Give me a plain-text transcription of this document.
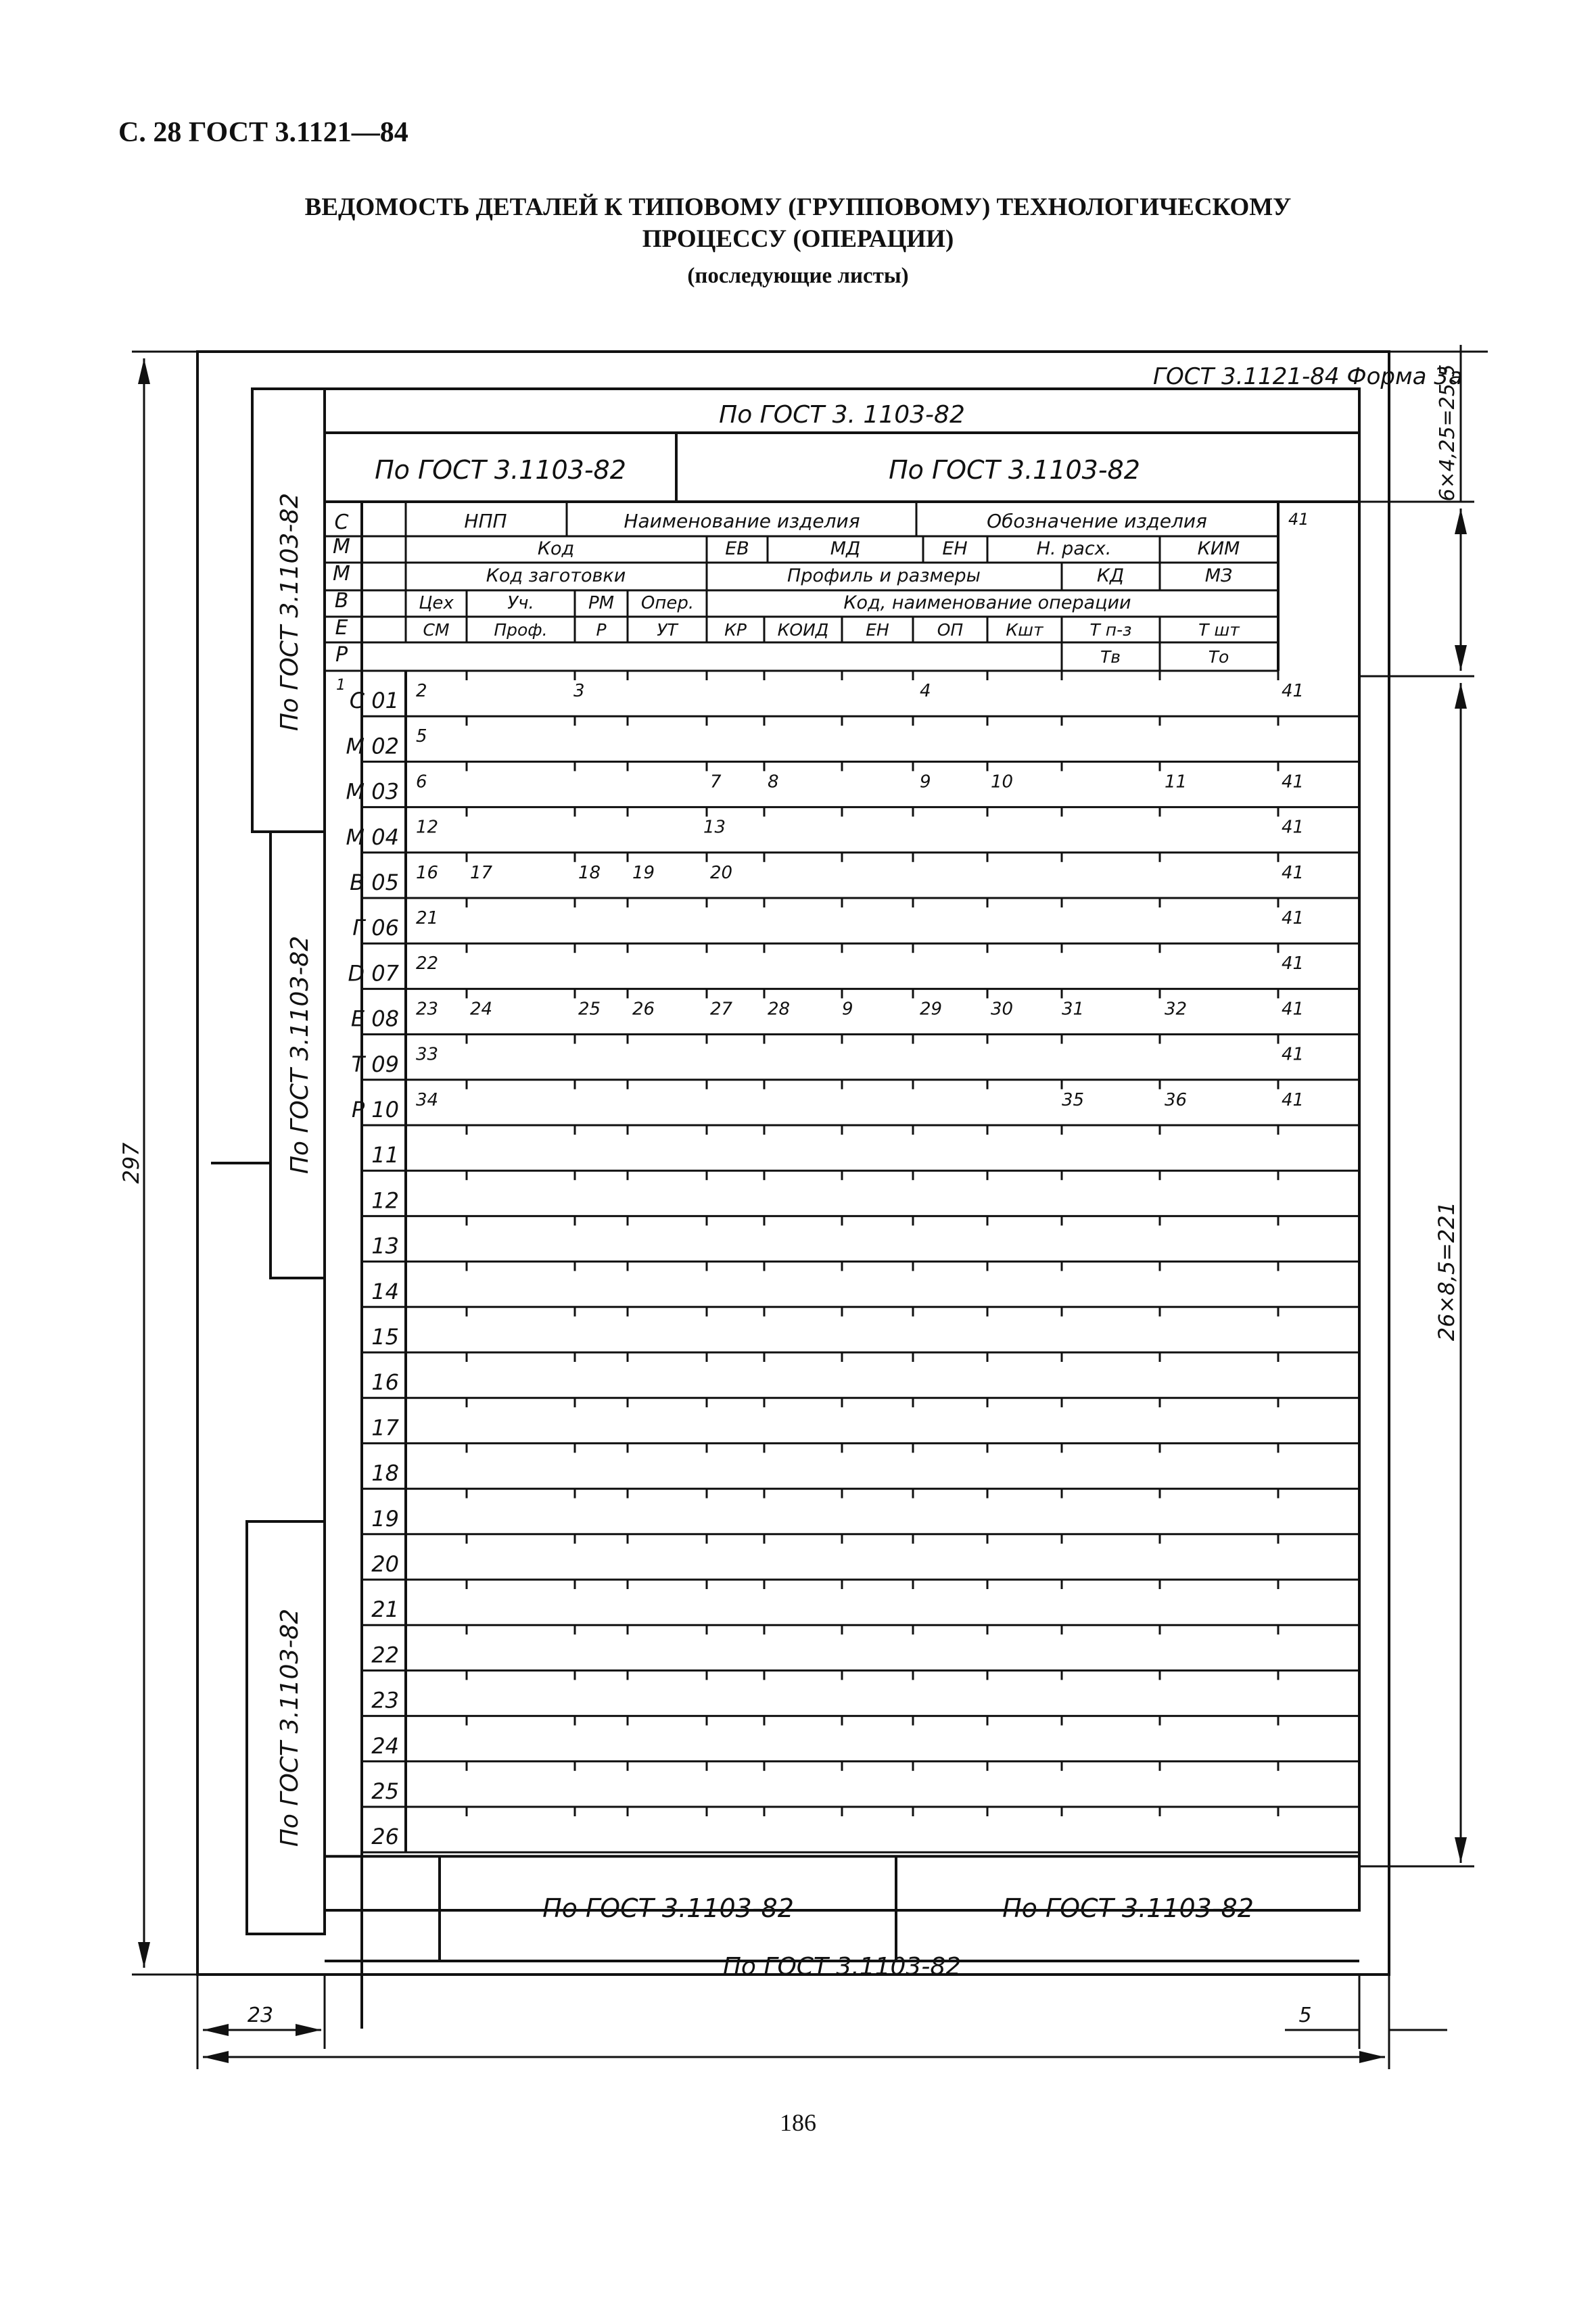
С. 28 ГОСТ 3.1121—84
ВЕДОМОСТЬ ДЕТАЛЕЙ К ТИПОВОМУ (ГРУППОВОМУ) ТЕХНОЛОГИЧЕСКОМУ
ПРОЦЕССУ (ОПЕРАЦИИ)
(последующие листы)
ГОСТ 3.1121-84 Форма 3а
По ГОСТ 3. 1103-82
По ГОСТ 3.1103-82	По ГОСТ 3.1103-82
По ГОСТ 3.1103-82
По ГОСТ 3.1103-82
По ГОСТ 3.1103-82
С
М
М
В
Е
Р
НПП	Наименование изделия	Обозначение изделия	41
Код	ЕВ	МД	ЕН	Н. расх.	КИМ
Код заготовки	Профиль и размеры	КД	МЗ
Цех	Уч.	РМ Опер.	Код, наименование операции
СМ	Проф.	Р	УТ	КР КОИД ЕН	ОП	Кшт	Т п-з	Т шт
Тв	То
С 01 2	3	4	41
М 02 5
М 03 6	7	8	9	10	11	41
М 04 12	13	41
В 05 16 17	18 19	20	41
Г 06 21	41
D 07 22	41
Е 08 23 24	25 26	27 28	9	29	30	31	32	41
Т 09 33	41
Р 10 34	35	36	41
11
12
13
14
15
16
17
18
19
20
21
22
23
24
25
26
1
По ГОСТ 3.1103-82	По ГОСТ 3.1103-82
По ГОСТ 3.1103-82
297
6×4,25=25,5
26×8,5=221
23	5
186
